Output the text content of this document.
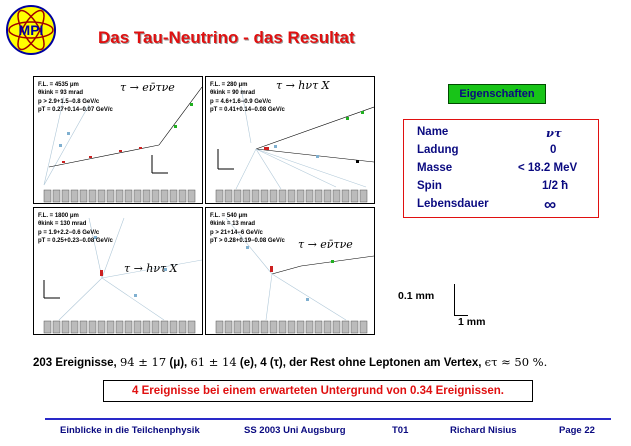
MPI	Das Tau-Neutrino - das Resultat
F.L. = 4535 μm
θkink = 93 mrad
p > 2.9+1.5−0.8 GeV/c
pT = 0.27+0.14−0.07 GeV/c
τ → eν̄τνe	F.L. = 280 μm
θkink = 90 mrad
p = 4.6+1.6−0.9 GeV/c
pT = 0.41+0.14−0.08 GeV/c
τ → hντ X
F.L. = 1800 μm
θkink = 130 mrad
p = 1.9+2.2−0.6 GeV/c
pT = 0.25+0.23−0.08 GeV/c
τ → hντ X
F.L. = 540 μm
θkink = 13 mrad
p > 21+14−6 GeV/c
pT > 0.28+0.19−0.08 GeV/c τ → eν̄τνe
Eigenschaften
Name	ντ
Ladung	0
Masse	< 18.2 MeV
Spin	1/2 ħ
Lebensdauer	∞
0.1 mm
1 mm
203 Ereignisse, 94 ± 17 (μ), 61 ± 14 (e), 4 (τ), der Rest ohne Leptonen am Vertex, ϵτ ≈ 50 %.
4 Ereignisse bei einem erwarteten Untergrund von 0.34 Ereignissen.
Einblicke in die Teilchenphysik	SS 2003 Uni Augsburg	T01	Richard Nisius	Page 22
